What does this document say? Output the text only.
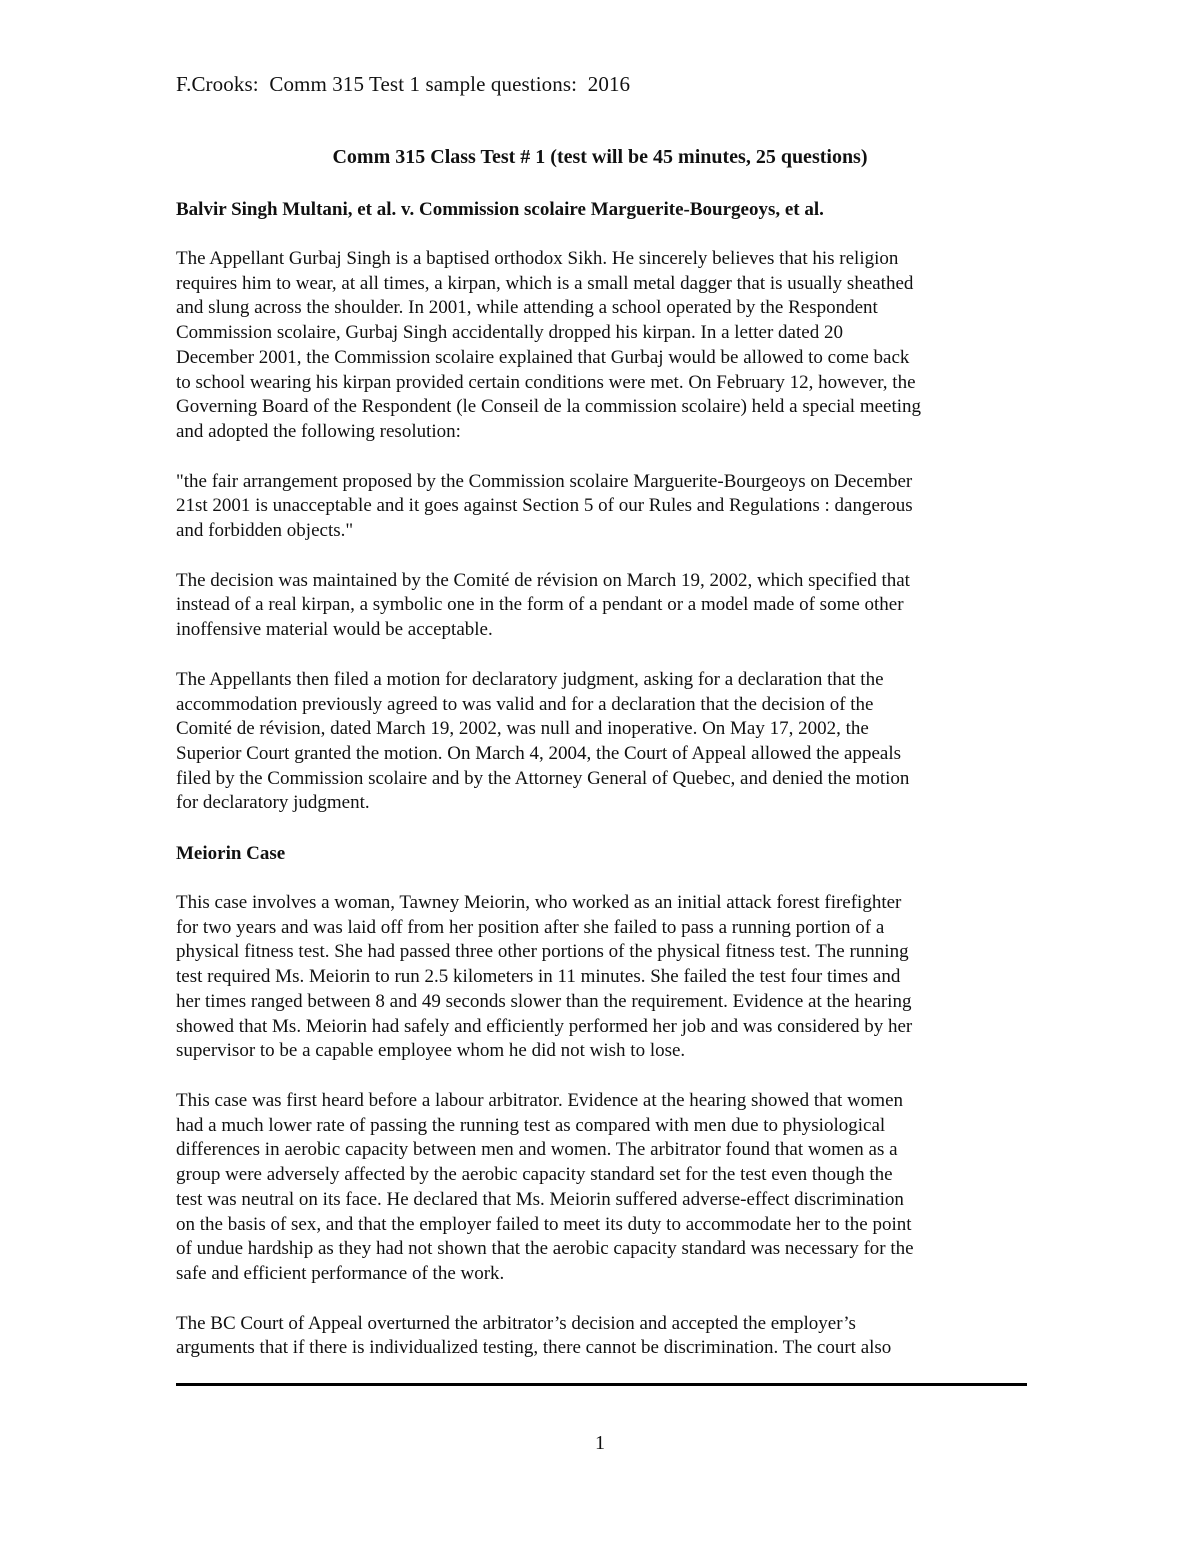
F.Crooks:  Comm 315 Test 1 sample questions:  2016
Comm 315 Class Test # 1 (test will be 45 minutes, 25 questions)
Balvir Singh Multani, et al. v. Commission scolaire Marguerite-Bourgeoys, et al.
The Appellant Gurbaj Singh is a baptised orthodox Sikh. He sincerely believes that his religion
requires him to wear, at all times, a kirpan, which is a small metal dagger that is usually sheathed
and slung across the shoulder. In 2001, while attending a school operated by the Respondent
Commission scolaire, Gurbaj Singh accidentally dropped his kirpan. In a letter dated 20
December 2001, the Commission scolaire explained that Gurbaj would be allowed to come back
to school wearing his kirpan provided certain conditions were met. On February 12, however, the
Governing Board of the Respondent (le Conseil de la commission scolaire) held a special meeting
and adopted the following resolution:
"the fair arrangement proposed by the Commission scolaire Marguerite-Bourgeoys on December
21st 2001 is unacceptable and it goes against Section 5 of our Rules and Regulations : dangerous
and forbidden objects."
The decision was maintained by the Comité de révision on March 19, 2002, which specified that
instead of a real kirpan, a symbolic one in the form of a pendant or a model made of some other
inoffensive material would be acceptable.
The Appellants then filed a motion for declaratory judgment, asking for a declaration that the
accommodation previously agreed to was valid and for a declaration that the decision of the
Comité de révision, dated March 19, 2002, was null and inoperative. On May 17, 2002, the
Superior Court granted the motion. On March 4, 2004, the Court of Appeal allowed the appeals
filed by the Commission scolaire and by the Attorney General of Quebec, and denied the motion
for declaratory judgment.
Meiorin Case
This case involves a woman, Tawney Meiorin, who worked as an initial attack forest firefighter
for two years and was laid off from her position after she failed to pass a running portion of a
physical fitness test. She had passed three other portions of the physical fitness test. The running
test required Ms. Meiorin to run 2.5 kilometers in 11 minutes. She failed the test four times and
her times ranged between 8 and 49 seconds slower than the requirement. Evidence at the hearing
showed that Ms. Meiorin had safely and efficiently performed her job and was considered by her
supervisor to be a capable employee whom he did not wish to lose.
This case was first heard before a labour arbitrator. Evidence at the hearing showed that women
had a much lower rate of passing the running test as compared with men due to physiological
differences in aerobic capacity between men and women. The arbitrator found that women as a
group were adversely affected by the aerobic capacity standard set for the test even though the
test was neutral on its face. He declared that Ms. Meiorin suffered adverse-effect discrimination
on the basis of sex, and that the employer failed to meet its duty to accommodate her to the point
of undue hardship as they had not shown that the aerobic capacity standard was necessary for the
safe and efficient performance of the work.
The BC Court of Appeal overturned the arbitrator’s decision and accepted the employer’s
arguments that if there is individualized testing, there cannot be discrimination. The court also
1
